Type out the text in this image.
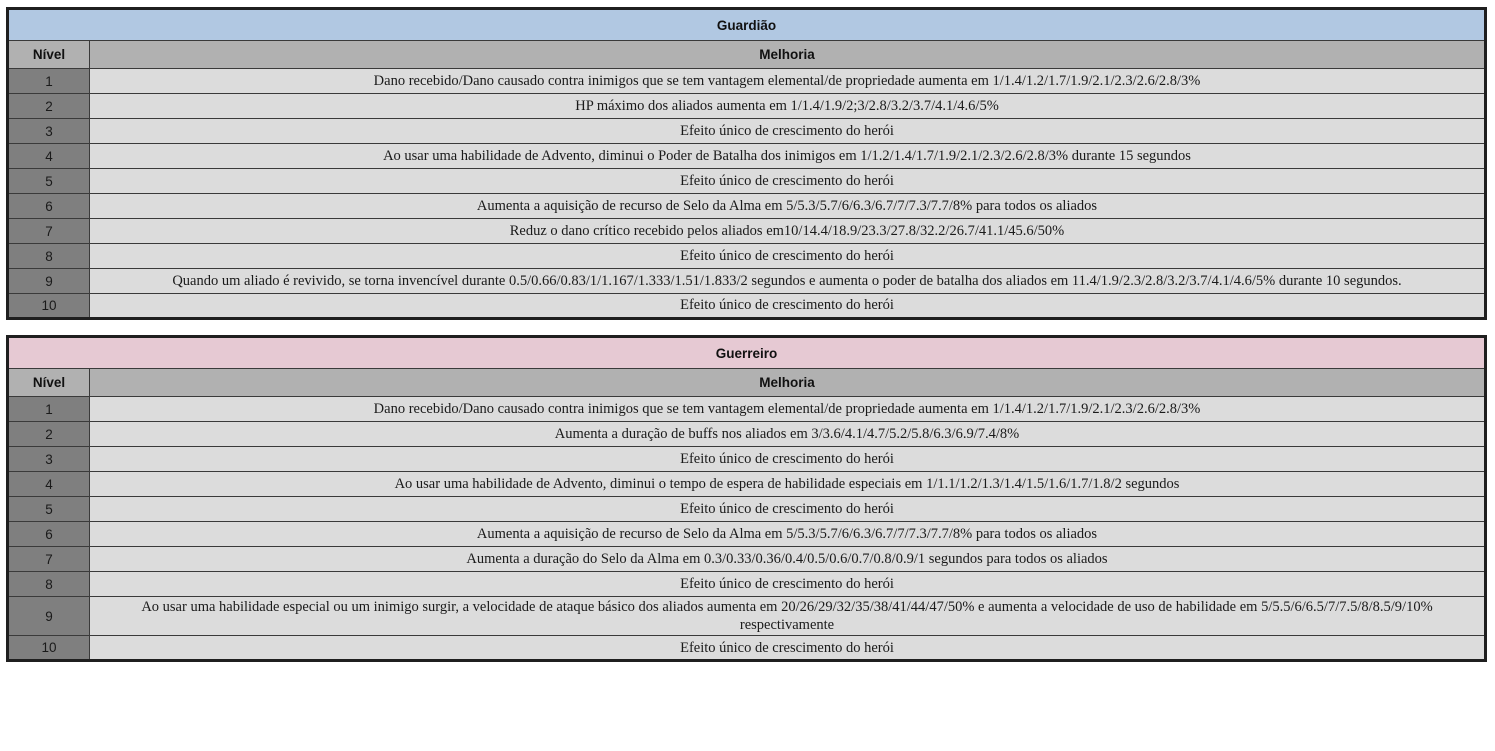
Guardião	
Nível	Melhoria
1	Dano recebido/Dano causado contra inimigos que se tem vantagem elemental/de propriedade aumenta em 1/1.4/1.2/1.7/1.9/2.1/2.3/2.6/2.8/3%
2	HP máximo dos aliados aumenta em 1/1.4/1.9/2;3/2.8/3.2/3.7/4.1/4.6/5%
3	Efeito único de crescimento do herói
4	Ao usar uma habilidade de Advento, diminui o Poder de Batalha dos inimigos em 1/1.2/1.4/1.7/1.9/2.1/2.3/2.6/2.8/3% durante 15 segundos
5	Efeito único de crescimento do herói
6	Aumenta a aquisição de recurso de Selo da Alma em 5/5.3/5.7/6/6.3/6.7/7/7.3/7.7/8% para todos os aliados
7	Reduz o dano crítico recebido pelos aliados em10/14.4/18.9/23.3/27.8/32.2/26.7/41.1/45.6/50%
8	Efeito único de crescimento do herói
9	Quando um aliado é revivido, se torna invencível durante 0.5/0.66/0.83/1/1.167/1.333/1.51/1.833/2 segundos e aumenta o poder de batalha dos aliados em 11.4/1.9/2.3/2.8/3.2/3.7/4.1/4.6/5% durante 10 segundos.
10	Efeito único de crescimento do herói
Guerreiro	
Nível	Melhoria
1	Dano recebido/Dano causado contra inimigos que se tem vantagem elemental/de propriedade aumenta em 1/1.4/1.2/1.7/1.9/2.1/2.3/2.6/2.8/3%
2	Aumenta a duração de buffs nos aliados em 3/3.6/4.1/4.7/5.2/5.8/6.3/6.9/7.4/8%
3	Efeito único de crescimento do herói
4	Ao usar uma habilidade de Advento, diminui o tempo de espera de habilidade especiais em 1/1.1/1.2/1.3/1.4/1.5/1.6/1.7/1.8/2 segundos
5	Efeito único de crescimento do herói
6	Aumenta a aquisição de recurso de Selo da Alma em 5/5.3/5.7/6/6.3/6.7/7/7.3/7.7/8% para todos os aliados
7	Aumenta a duração do Selo da Alma em 0.3/0.33/0.36/0.4/0.5/0.6/0.7/0.8/0.9/1 segundos para todos os aliados
8	Efeito único de crescimento do herói
9	Ao usar uma habilidade especial ou um inimigo surgir, a velocidade de ataque básico dos aliados aumenta em 20/26/29/32/35/38/41/44/47/50% e aumenta a velocidade de uso de habilidade em 5/5.5/6/6.5/7/7.5/8/8.5/9/10% respectivamente
10	Efeito único de crescimento do herói
